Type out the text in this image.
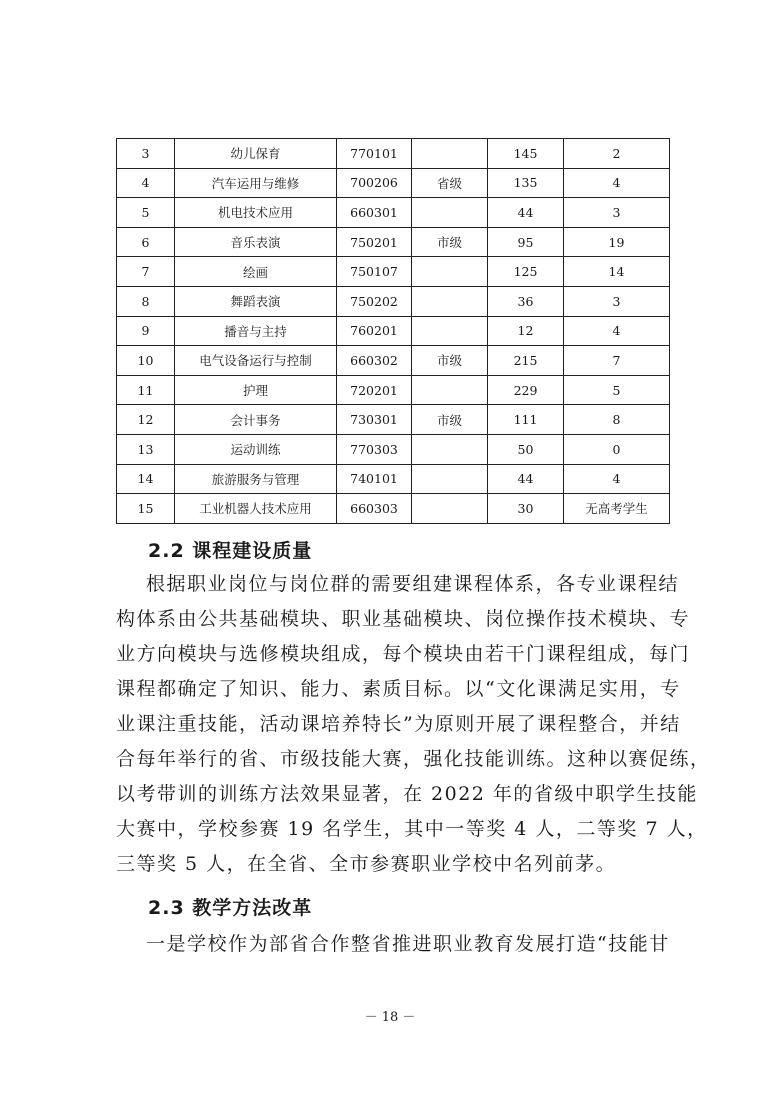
3	幼儿保育	770101		145	2
4	汽车运用与维修	700206	省级	135	4
5	机电技术应用	660301		44	3
6	音乐表演	750201	市级	95	19
7	绘画	750107		125	14
8	舞蹈表演	750202		36	3
9	播音与主持	760201		12	4
10	电气设备运行与控制	660302	市级	215	7
11	护理	720201		229	5
12	会计事务	730301	市级	111	8
13	运动训练	770303		50	0
14	旅游服务与管理	740101		44	4
15	工业机器人技术应用	660303		30	无高考学生
2.2 课程建设质量
根据职业岗位与岗位群的需要组建课程体系，各专业课程结
构体系由公共基础模块、职业基础模块、岗位操作技术模块、专
业方向模块与选修模块组成，每个模块由若干门课程组成，每门
课程都确定了知识、能力、素质目标。以“文化课满足实用，专
业课注重技能，活动课培养特长”为原则开展了课程整合，并结
合每年举行的省、市级技能大赛，强化技能训练。这种以赛促练，
以考带训的训练方法效果显著，在 2022 年的省级中职学生技能
大赛中，学校参赛 19 名学生，其中一等奖 4 人，二等奖 7 人，
三等奖 5 人，在全省、全市参赛职业学校中名列前茅。
2.3 教学方法改革
一是学校作为部省合作整省推进职业教育发展打造“技能甘
－ 18 －
